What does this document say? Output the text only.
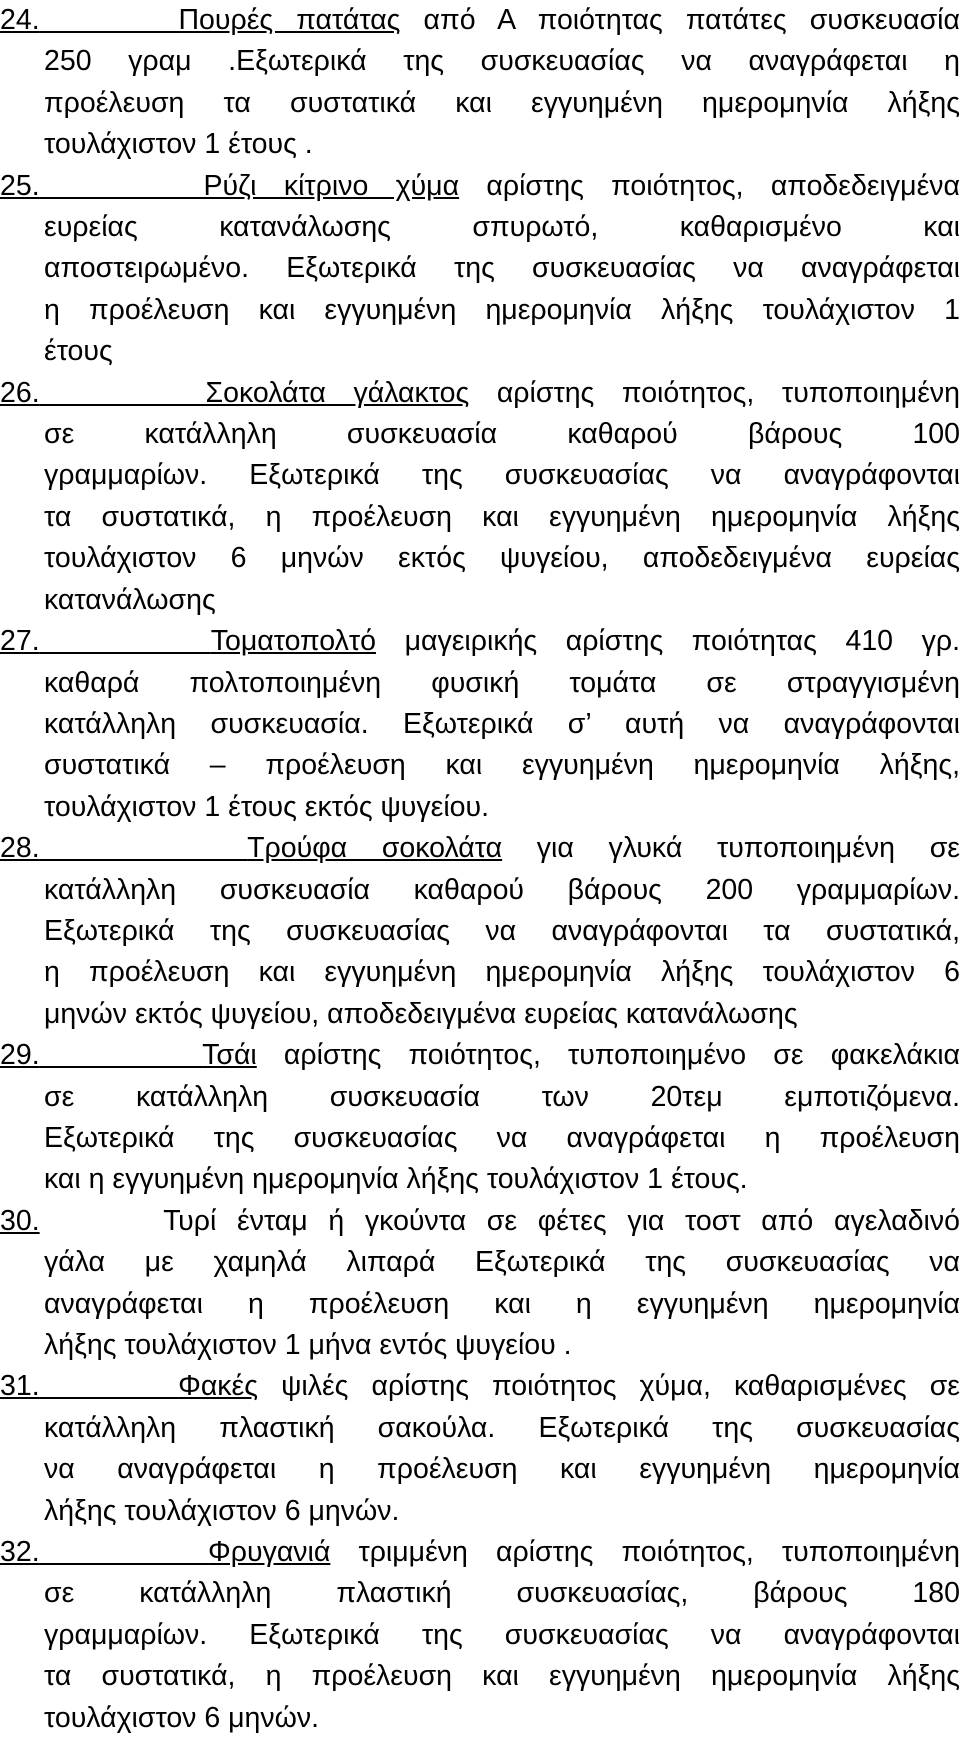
24.	Πουρές πατάτας από Α ποιότητας πατάτες συσκευασία
250 γραμ .Εξωτερικά της συσκευασίας να αναγράφεται η
προέλευση τα συστατικά και εγγυημένη ημερομηνία λήξης
τουλάχιστον 1 έτους .
25.	Ρύζι κίτρινο χύμα αρίστης ποιότητος, αποδεδειγμένα
ευρείας κατανάλωσης σπυρωτό, καθαρισμένο και
αποστειρωμένο. Εξωτερικά της συσκευασίας να αναγράφεται
η προέλευση και εγγυημένη ημερομηνία λήξης τουλάχιστον 1
έτους
26.	Σοκολάτα γάλακτος αρίστης ποιότητος, τυποποιημένη
σε κατάλληλη συσκευασία καθαρού βάρους 100
γραμμαρίων. Εξωτερικά της συσκευασίας να αναγράφονται
τα συστατικά, η προέλευση και εγγυημένη ημερομηνία λήξης
τουλάχιστον 6 μηνών εκτός ψυγείου, αποδεδειγμένα ευρείας
κατανάλωσης
27.	Τοματοπολτό μαγειρικής αρίστης ποιότητας 410 γρ.
καθαρά πολτοποιημένη φυσική τομάτα σε στραγγισμένη
κατάλληλη συσκευασία. Εξωτερικά σ’ αυτή να αναγράφονται
συστατικά – προέλευση και εγγυημένη ημερομηνία λήξης,
τουλάχιστον 1 έτους εκτός ψυγείου.
28.	Τρούφα σοκολάτα για γλυκά τυποποιημένη σε
κατάλληλη συσκευασία καθαρού βάρους 200 γραμμαρίων.
Εξωτερικά της συσκευασίας να αναγράφονται τα συστατικά,
η προέλευση και εγγυημένη ημερομηνία λήξης τουλάχιστον 6
μηνών εκτός ψυγείου, αποδεδειγμένα ευρείας κατανάλωσης
29.	Τσάι αρίστης ποιότητος, τυποποιημένο σε φακελάκια
σε κατάλληλη συσκευασία των 20τεμ εμποτιζόμενα.
Εξωτερικά της συσκευασίας να αναγράφεται η προέλευση
και η εγγυημένη ημερομηνία λήξης τουλάχιστον 1 έτους.
30.	Τυρί ένταμ ή γκούντα σε φέτες για τοστ από αγελαδινό
γάλα με χαμηλά λιπαρά Εξωτερικά της συσκευασίας να
αναγράφεται η προέλευση και η εγγυημένη ημερομηνία
λήξης τουλάχιστον 1 μήνα εντός ψυγείου .
31.	Φακές ψιλές αρίστης ποιότητος χύμα, καθαρισμένες σε
κατάλληλη πλαστική σακούλα. Εξωτερικά της συσκευασίας
να αναγράφεται η προέλευση και εγγυημένη ημερομηνία
λήξης τουλάχιστον 6 μηνών.
32.	Φρυγανιά τριμμένη αρίστης ποιότητος, τυποποιημένη
σε κατάλληλη πλαστική συσκευασίας, βάρους 180
γραμμαρίων. Εξωτερικά της συσκευασίας να αναγράφονται
τα συστατικά, η προέλευση και εγγυημένη ημερομηνία λήξης
τουλάχιστον 6 μηνών.
